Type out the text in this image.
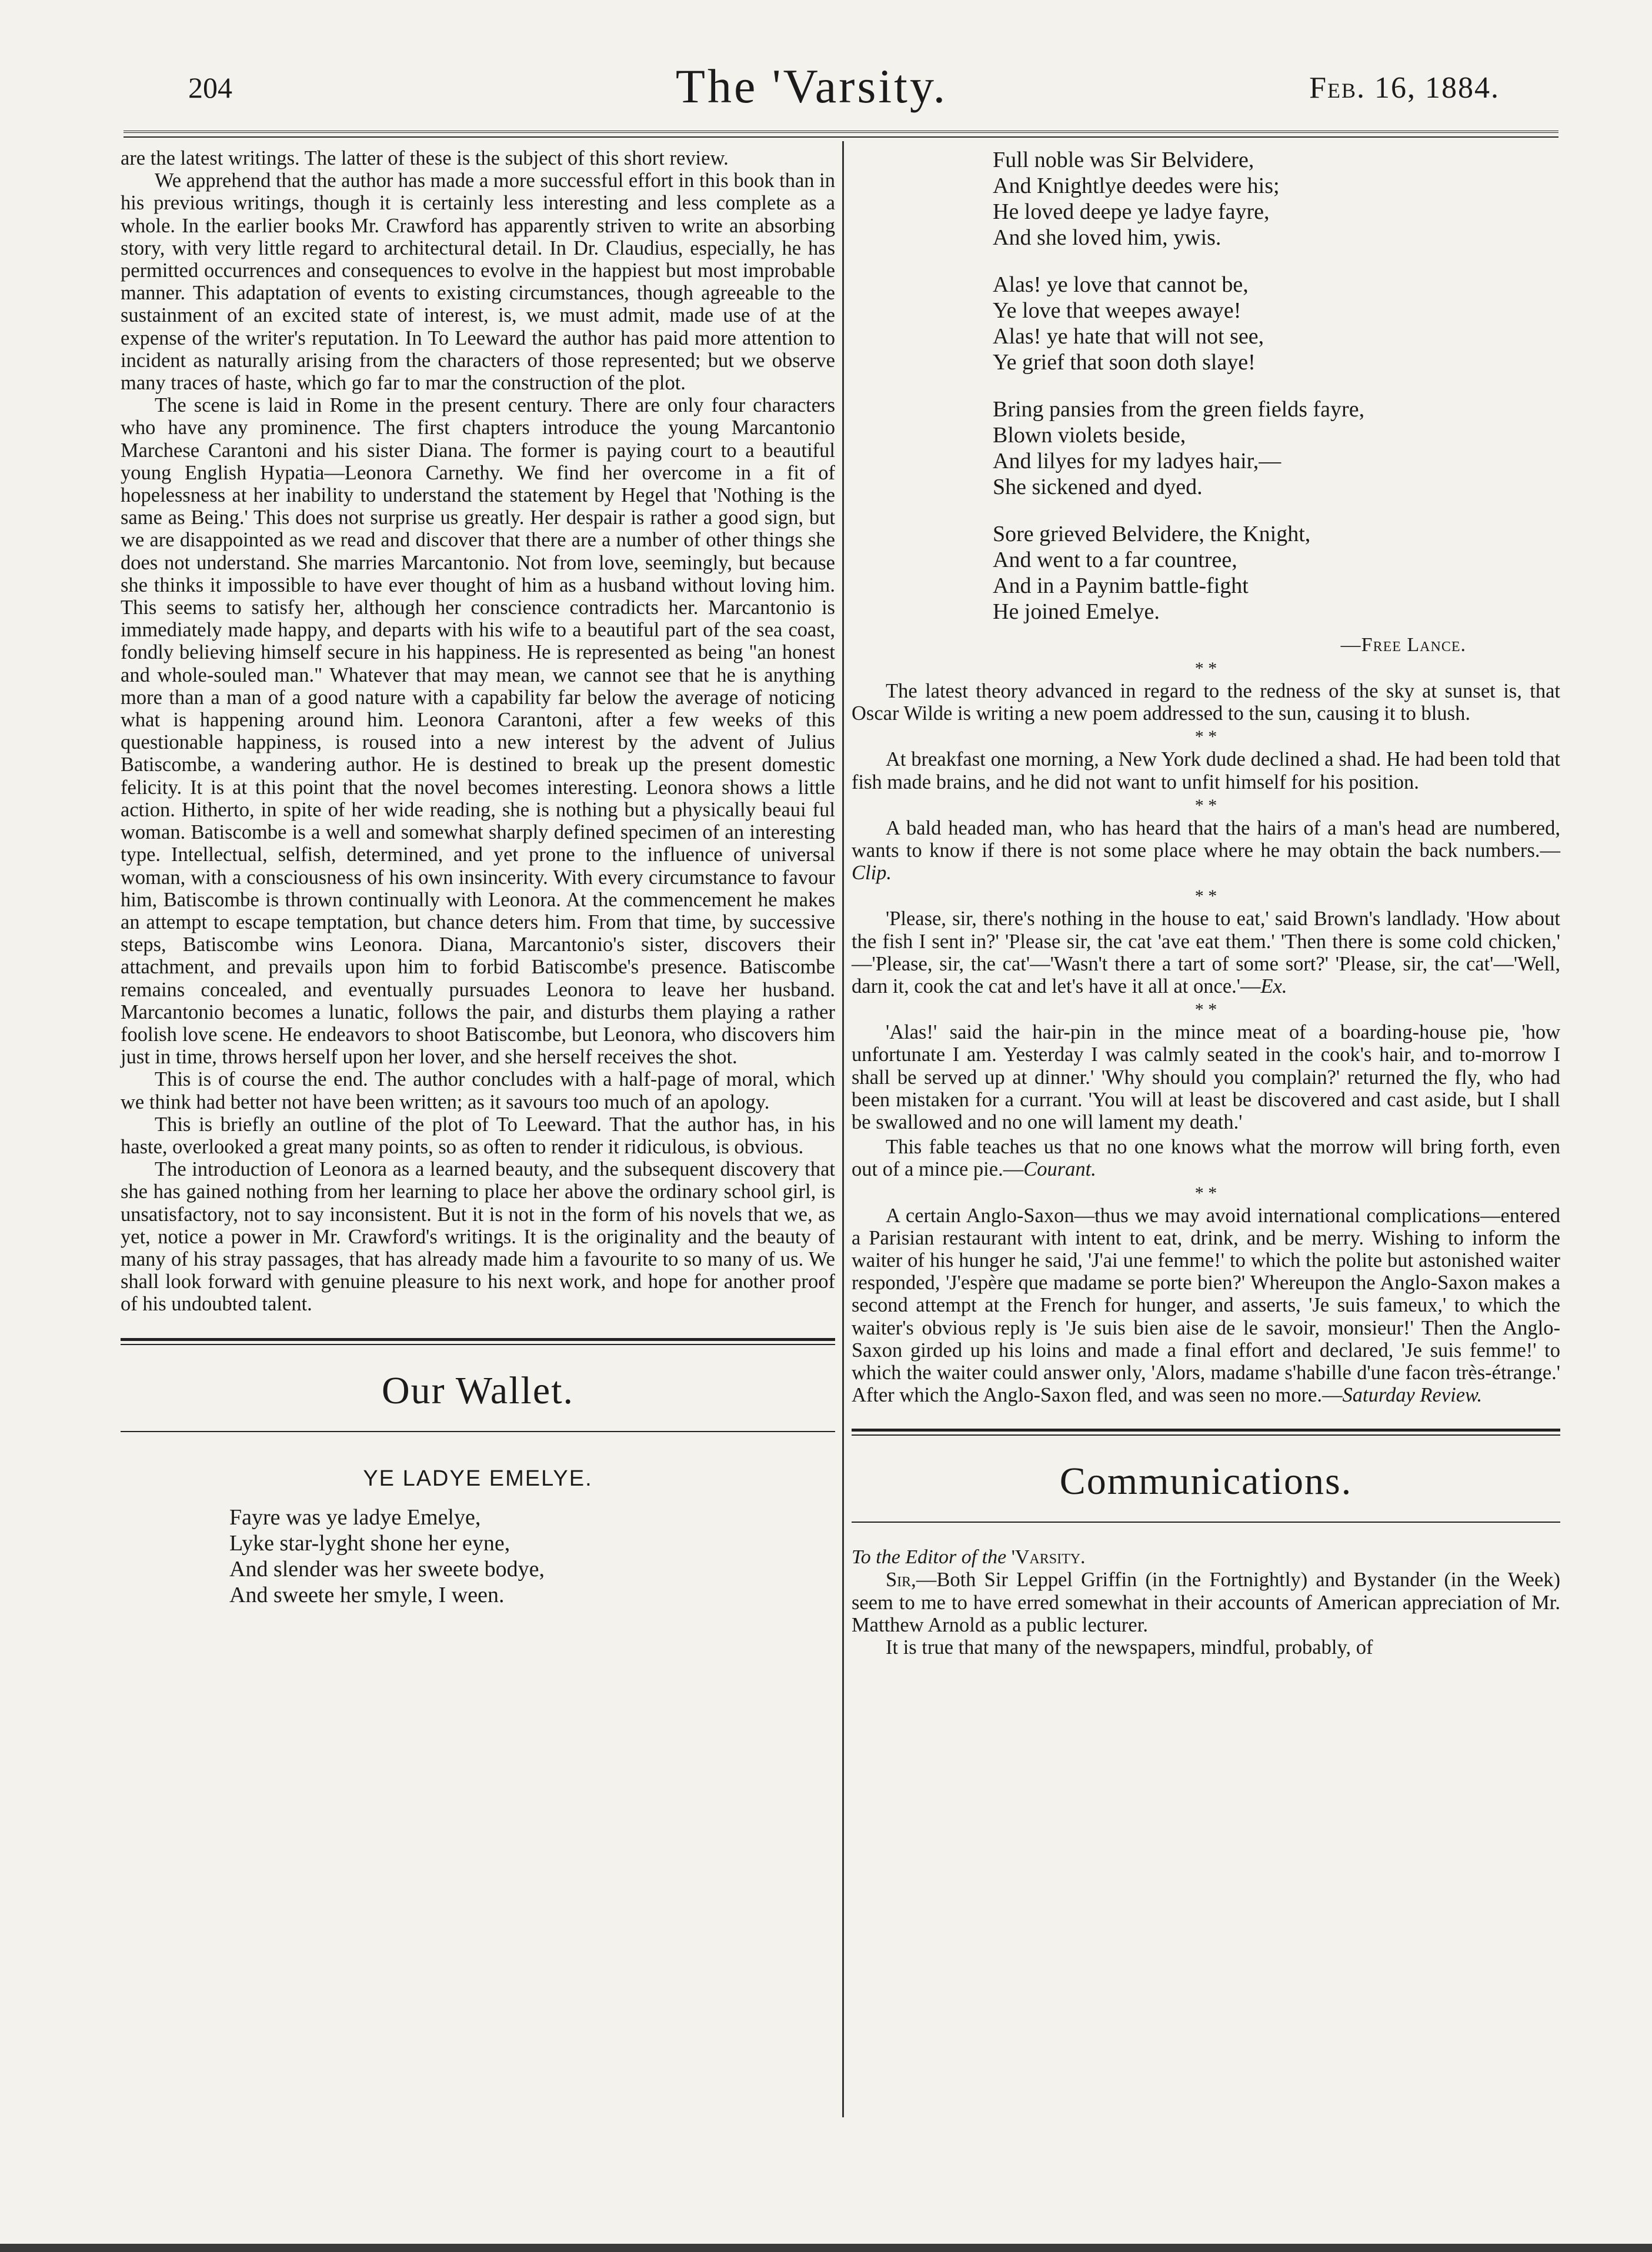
204	The 'Varsity.	Feb. 16, 1884.

are the latest writings. The latter of these is the subject of this short review.

We apprehend that the author has made a more successful effort in this book than in his previous writings, though it is certainly less interesting and less complete as a whole. In the earlier books Mr. Crawford has apparently striven to write an absorbing story, with very little regard to architectural detail. In Dr. Claudius, especially, he has permitted occurrences and consequences to evolve in the happiest but most improbable manner. This adaptation of events to existing circumstances, though agreeable to the sustainment of an excited state of interest, is, we must admit, made use of at the expense of the writer's reputation. In To Leeward the author has paid more attention to incident as naturally arising from the characters of those represented; but we observe many traces of haste, which go far to mar the construction of the plot.

The scene is laid in Rome in the present century. There are only four characters who have any prominence. The first chapters introduce the young Marcantonio Marchese Carantoni and his sister Diana. The former is paying court to a beautiful young English Hypatia—Leonora Carnethy. We find her overcome in a fit of hopelessness at her inability to understand the statement by Hegel that 'Nothing is the same as Being.' This does not surprise us greatly. Her despair is rather a good sign, but we are disappointed as we read and discover that there are a number of other things she does not understand. She marries Marcantonio. Not from love, seemingly, but because she thinks it impossible to have ever thought of him as a husband without loving him. This seems to satisfy her, although her conscience contradicts her. Marcantonio is immediately made happy, and departs with his wife to a beautiful part of the sea coast, fondly believing himself secure in his happiness. He is represented as being "an honest and whole-souled man." Whatever that may mean, we cannot see that he is anything more than a man of a good nature with a capability far below the average of noticing what is happening around him. Leonora Carantoni, after a few weeks of this questionable happiness, is roused into a new interest by the advent of Julius Batiscombe, a wandering author. He is destined to break up the present domestic felicity. It is at this point that the novel becomes interesting. Leonora shows a little action. Hitherto, in spite of her wide reading, she is nothing but a physically beaui ful woman. Batiscombe is a well and somewhat sharply defined specimen of an interesting type. Intellectual, selfish, determined, and yet prone to the influence of universal woman, with a consciousness of his own insincerity. With every circumstance to favour him, Batiscombe is thrown continually with Leonora. At the commencement he makes an attempt to escape temptation, but chance deters him. From that time, by successive steps, Batiscombe wins Leonora. Diana, Marcantonio's sister, discovers their attachment, and prevails upon him to forbid Batiscombe's presence. Batiscombe remains concealed, and eventually pursuades Leonora to leave her husband. Marcantonio becomes a lunatic, follows the pair, and disturbs them playing a rather foolish love scene. He endeavors to shoot Batiscombe, but Leonora, who discovers him just in time, throws herself upon her lover, and she herself receives the shot.

This is of course the end. The author concludes with a half-page of moral, which we think had better not have been written; as it savours too much of an apology.

This is briefly an outline of the plot of To Leeward. That the author has, in his haste, overlooked a great many points, so as often to render it ridiculous, is obvious.

The introduction of Leonora as a learned beauty, and the subsequent discovery that she has gained nothing from her learning to place her above the ordinary school girl, is unsatisfactory, not to say inconsistent. But it is not in the form of his novels that we, as yet, notice a power in Mr. Crawford's writings. It is the originality and the beauty of many of his stray passages, that has already made him a favourite to so many of us. We shall look forward with genuine pleasure to his next work, and hope for another proof of his undoubted talent.

Our Wallet.
YE LADYE EMELYE.
Fayre was ye ladye Emelye,
Lyke star-lyght shone her eyne,
And slender was her sweete bodye,
And sweete her smyle, I ween.
Full noble was Sir Belvidere,
And Knightlye deedes were his;
He loved deepe ye ladye fayre,
And she loved him, ywis.
Alas! ye love that cannot be,
Ye love that weepes awaye!
Alas! ye hate that will not see,
Ye grief that soon doth slaye!
Bring pansies from the green fields fayre,
Blown violets beside,
And lilyes for my ladyes hair,—
She sickened and dyed.
Sore grieved Belvidere, the Knight,
And went to a far countree,
And in a Paynim battle-fight
He joined Emelye.
—Free Lance.
* *

The latest theory advanced in regard to the redness of the sky at sunset is, that Oscar Wilde is writing a new poem addressed to the sun, causing it to blush.

* *

At breakfast one morning, a New York dude declined a shad. He had been told that fish made brains, and he did not want to unfit himself for his position.

* *

A bald headed man, who has heard that the hairs of a man's head are numbered, wants to know if there is not some place where he may obtain the back numbers.—Clip.

* *

'Please, sir, there's nothing in the house to eat,' said Brown's landlady. 'How about the fish I sent in?' 'Please sir, the cat 'ave eat them.' 'Then there is some cold chicken,' —'Please, sir, the cat'—'Wasn't there a tart of some sort?' 'Please, sir, the cat'—'Well, darn it, cook the cat and let's have it all at once.'—Ex.

* *

'Alas!' said the hair-pin in the mince meat of a boarding-house pie, 'how unfortunate I am. Yesterday I was calmly seated in the cook's hair, and to-morrow I shall be served up at dinner.' 'Why should you complain?' returned the fly, who had been mistaken for a currant. 'You will at least be discovered and cast aside, but I shall be swallowed and no one will lament my death.'

This fable teaches us that no one knows what the morrow will bring forth, even out of a mince pie.—Courant.

* *

A certain Anglo-Saxon—thus we may avoid international complications—entered a Parisian restaurant with intent to eat, drink, and be merry. Wishing to inform the waiter of his hunger he said, 'J'ai une femme!' to which the polite but astonished waiter responded, 'J'espère que madame se porte bien?' Whereupon the Anglo-Saxon makes a second attempt at the French for hunger, and asserts, 'Je suis fameux,' to which the waiter's obvious reply is 'Je suis bien aise de le savoir, monsieur!' Then the Anglo-Saxon girded up his loins and made a final effort and declared, 'Je suis femme!' to which the waiter could answer only, 'Alors, madame s'habille d'une facon très-étrange.' After which the Anglo-Saxon fled, and was seen no more.—Saturday Review.

Communications.
To the Editor of the 'Varsity.

Sir,—Both Sir Leppel Griffin (in the Fortnightly) and Bystander (in the Week) seem to me to have erred somewhat in their accounts of American appreciation of Mr. Matthew Arnold as a public lecturer.

It is true that many of the newspapers, mindful, probably, of
